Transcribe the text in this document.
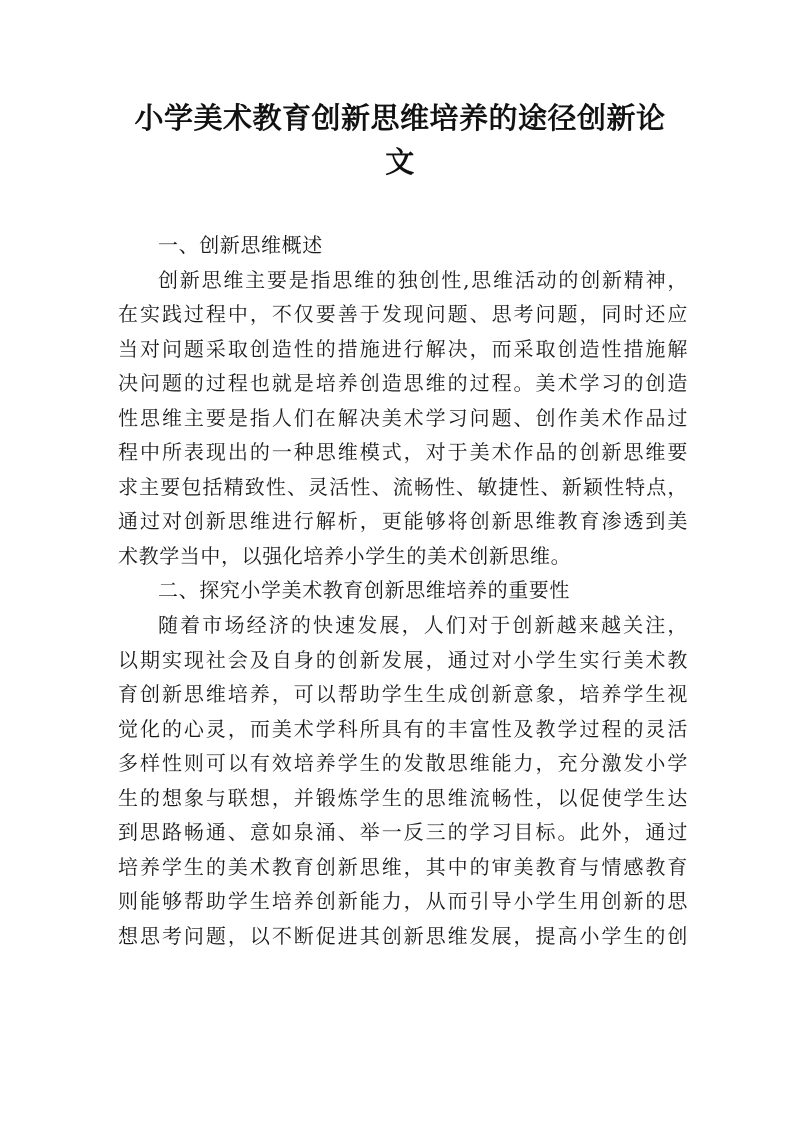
小学美术教育创新思维培养的途径创新论
文
一、创新思维概述
创新思维主要是指思维的独创性,思维活动的创新精神，
在实践过程中，不仅要善于发现问题、思考问题，同时还应
当对问题采取创造性的措施进行解决，而采取创造性措施解
决问题的过程也就是培养创造思维的过程。美术学习的创造
性思维主要是指人们在解决美术学习问题、创作美术作品过
程中所表现出的一种思维模式，对于美术作品的创新思维要
求主要包括精致性、灵活性、流畅性、敏捷性、新颖性特点，
通过对创新思维进行解析，更能够将创新思维教育渗透到美
术教学当中，以强化培养小学生的美术创新思维。
二、探究小学美术教育创新思维培养的重要性
随着市场经济的快速发展，人们对于创新越来越关注，
以期实现社会及自身的创新发展，通过对小学生实行美术教
育创新思维培养，可以帮助学生生成创新意象，培养学生视
觉化的心灵，而美术学科所具有的丰富性及教学过程的灵活
多样性则可以有效培养学生的发散思维能力，充分激发小学
生的想象与联想，并锻炼学生的思维流畅性，以促使学生达
到思路畅通、意如泉涌、举一反三的学习目标。此外，通过
培养学生的美术教育创新思维，其中的审美教育与情感教育
则能够帮助学生培养创新能力，从而引导小学生用创新的思
想思考问题，以不断促进其创新思维发展，提高小学生的创
